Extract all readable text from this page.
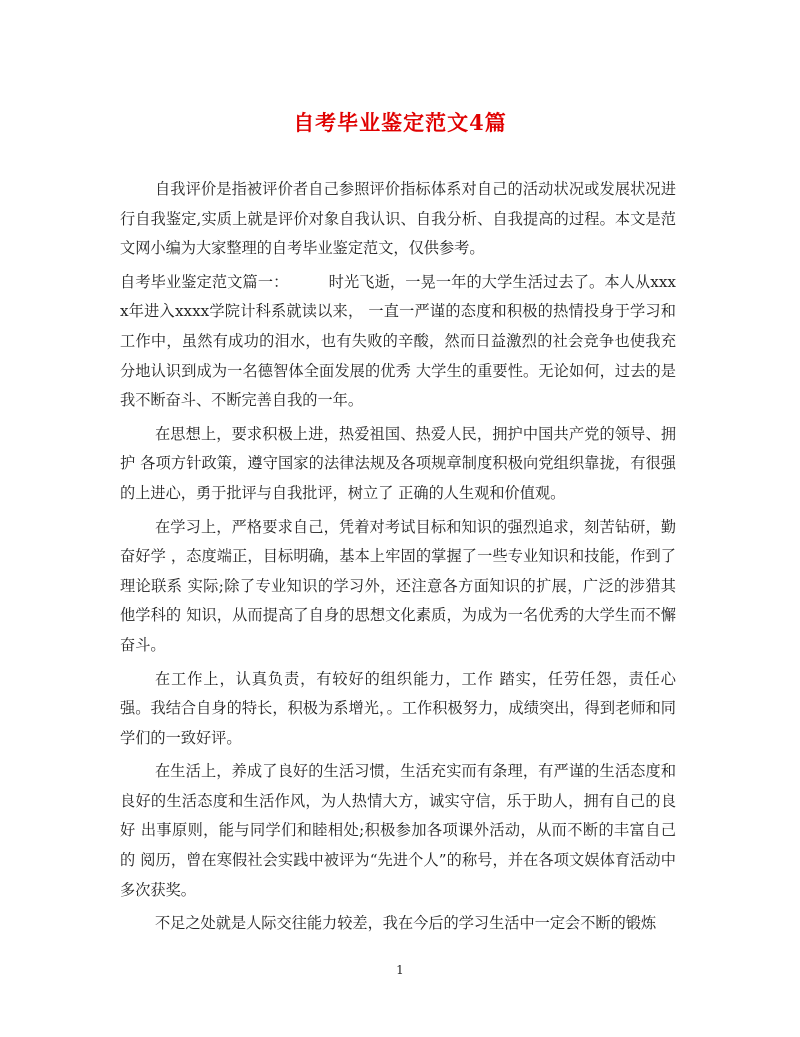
自考毕业鉴定范文4篇

自我评价是指被评价者自己参照评价指标体系对自己的活动状况或发展状况进行自我鉴定,实质上就是评价对象自我认识、自我分析、自我提高的过程。本文是范文网小编为大家整理的自考毕业鉴定范文，仅供参考。

自考毕业鉴定范文篇一：	时光飞逝，一晃一年的大学生活过去了。本人从xxxx年进入xxxx学院计科系就读以来， 一直一严谨的态度和积极的热情投身于学习和工作中，虽然有成功的泪水，也有失败的辛酸，然而日益激烈的社会竞争也使我充分地认识到成为一名德智体全面发展的优秀 大学生的重要性。无论如何，过去的是我不断奋斗、不断完善自我的一年。

在思想上，要求积极上进，热爱祖国、热爱人民，拥护中国共产党的领导、拥护 各项方针政策，遵守国家的法律法规及各项规章制度积极向党组织靠拢，有很强的上进心，勇于批评与自我批评，树立了 正确的人生观和价值观。

在学习上，严格要求自己，凭着对考试目标和知识的强烈追求，刻苦钻研，勤奋好学 ，态度端正，目标明确，基本上牢固的掌握了一些专业知识和技能，作到了理论联系 实际;除了专业知识的学习外，还注意各方面知识的扩展，广泛的涉猎其他学科的 知识，从而提高了自身的思想文化素质，为成为一名优秀的大学生而不懈奋斗。

在工作上，认真负责，有较好的组织能力，工作 踏实，任劳任怨，责任心强。我结合自身的特长，积极为系增光，。工作积极努力，成绩突出，得到老师和同学们的一致好评。

在生活上，养成了良好的生活习惯，生活充实而有条理，有严谨的生活态度和 良好的生活态度和生活作风，为人热情大方，诚实守信，乐于助人，拥有自己的良好 出事原则，能与同学们和睦相处;积极参加各项课外活动，从而不断的丰富自己的 阅历，曾在寒假社会实践中被评为“先进个人”的称号，并在各项文娱体育活动中 多次获奖。

不足之处就是人际交往能力较差，我在今后的学习生活中一定会不断的锻炼

1
